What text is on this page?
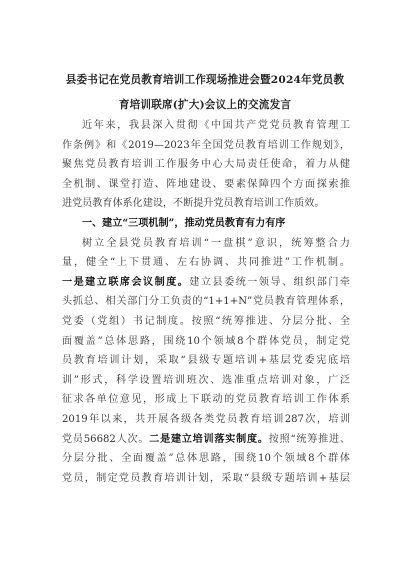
县委书记在党员教育培训工作现场推进会暨2024年党员教
育培训联席(扩大)会议上的交流发言
近年来，我县深入贯彻《中国共产党党员教育管理工
作条例》和《2019—2023年全国党员教育培训工作规划》，
聚焦党员教育培训工作服务中心大局责任使命，着力从健
全机制、课堂打造、阵地建设、要素保障四个方面探索推
进党员教育体系化建设，不断提升党员教育培训工作质效。
一、建立“三项机制”，推动党员教育有力有序
树立全县党员教育培训“一盘棋”意识，统筹整合力
量，健全“上下贯通、左右协调、共同推进”工作机制。
一是建立联席会议制度。建立县委统一领导、组织部门牵
头抓总、相关部门分工负责的“1+1+N”党员教育管理体系，
党委（党组）书记制度。按照“统筹推进、分层分批、全
面覆盖”总体思路，围绕10个领域8个群体党员，制定党
员教育培训计划，采取“县级专题培训+基层党委宪底培
训”形式，科学设置培训班次、选准重点培训对象，广泛
征求各单位意见，形成上下联动的党员教育培训工作体系
2019年以来，共开展各级各类党员教育培训287次，培训
党员56682人次。二是建立培训落实制度。按照“统筹推进、
分层分批、全面覆盖”总体思路，围绕10个领域8个群体
党员，制定党员教育培训计划，采取“县级专题培训+基层
